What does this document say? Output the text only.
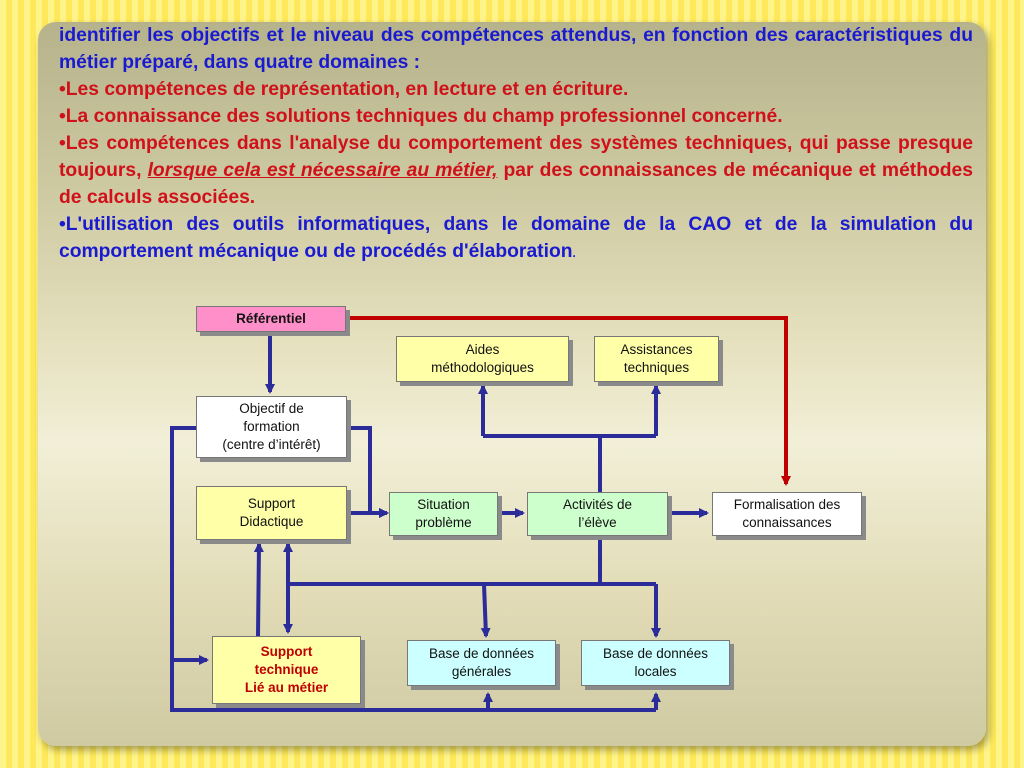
identifier les objectifs et le niveau des compétences attendus, en fonction des caractéristiques du métier préparé, dans quatre domaines :

•Les compétences de représentation, en lecture et en écriture.

•La connaissance des solutions techniques du champ professionnel concerné.

•Les compétences dans l'analyse du comportement des systèmes techniques, qui passe presque toujours, lorsque cela est nécessaire au métier, par des connaissances de mécanique et méthodes de calculs associées.

•L'utilisation des outils informatiques, dans le domaine de la CAO et de la simulation du comportement mécanique ou de procédés d'élaboration.

Référentiel
Aides
méthodologiques
Assistances
techniques
Objectif de
formation
(centre d’intérêt)
Support
Didactique
Situation
problème
Activités de
l’élève
Formalisation des
connaissances
Support
technique
Lié au métier
Base de données
générales
Base de données
locales
